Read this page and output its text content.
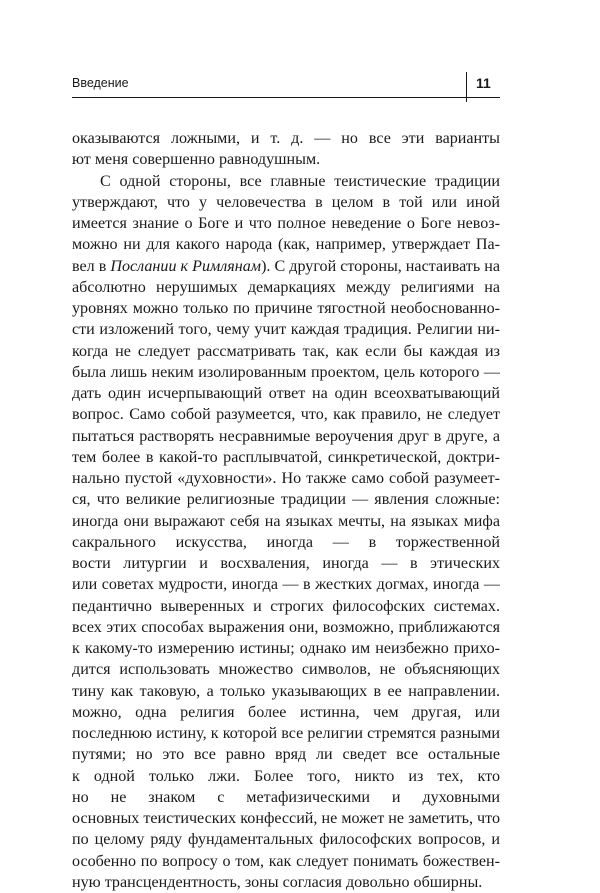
Введение	11
оказываются ложными, и т. д. — но все эти варианты
ют меня совершенно равнодушным.
С одной стороны, все главные теистические традиции
утверждают, что у человечества в целом в той или иной
имеется знание о Боге и что полное неведение о Боге невоз-
можно ни для какого народа (как, например, утверждает Па-
вел в Послании к Римлянам). С другой стороны, настаивать на
абсолютно нерушимых демаркациях между религиями на
уровнях можно только по причине тягостной необоснованно-
сти изложений того, чему учит каждая традиция. Религии ни-
когда не следует рассматривать так, как если бы каждая из
была лишь неким изолированным проектом, цель которого —
дать один исчерпывающий ответ на один всеохватывающий
вопрос. Само собой разумеется, что, как правило, не следует
пытаться растворять несравнимые вероучения друг в друге, а
тем более в какой-то расплывчатой, синкретической, доктри-
нально пустой «духовности». Но также само собой разумеет-
ся, что великие религиозные традиции — явления сложные:
иногда они выражают себя на языках мечты, на языках мифа
сакрального искусства, иногда — в торжественной
вости литургии и восхваления, иногда — в этических
или советах мудрости, иногда — в жестких догмах, иногда —
педантично выверенных и строгих философских системах.
всех этих способах выражения они, возможно, приближаются
к какому-то измерению истины; однако им неизбежно прихо-
дится использовать множество символов, не объясняющих
тину как таковую, а только указывающих в ее направлении.
можно, одна религия более истинна, чем другая, или
последнюю истину, к которой все религии стремятся разными
путями; но это все равно вряд ли сведет все остальные
к одной только лжи. Более того, никто из тех, кто
но не знаком с метафизическими и духовными
основных теистических конфессий, не может не заметить, что
по целому ряду фундаментальных философских вопросов, и
особенно по вопросу о том, как следует понимать божествен-
ную трансцендентность, зоны согласия довольно обширны.
